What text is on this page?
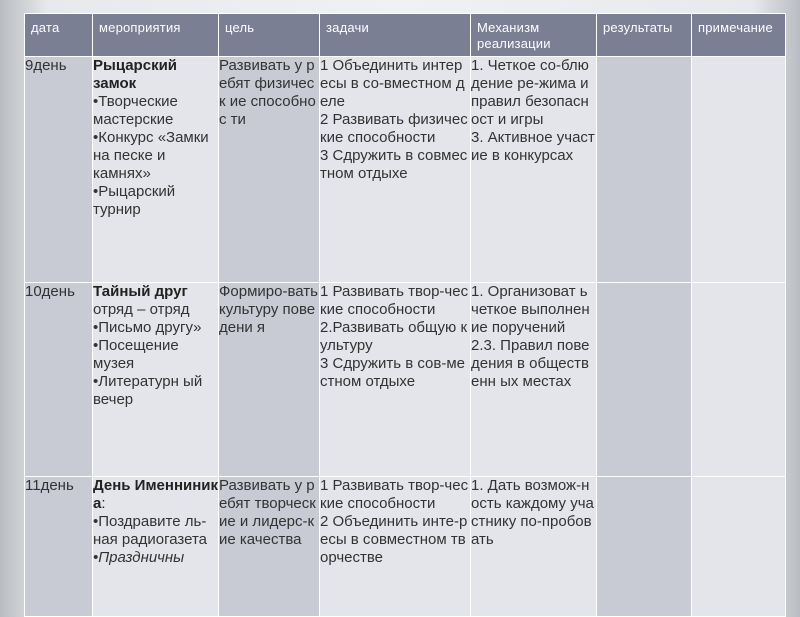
дата	мероприятия	цель	задачи	Механизм реализации	результаты	примечание

9день	Рыцарский замок
•Творческие мастерские
•Конкурс «Замки на песке и камнях»
•Рыцарский турнир	Развивать у ребят физическ ие способнос ти	1 Объединить интересы в со-вместном деле
2 Развивать физические способности
3 Сдружить в совместном отдыхе	1. Четкое со-блюдение ре-жима и правил безопасност и игры
3. Активное участие в конкурсах		

10день	Тайный друг
отряд – отряд
•Письмо другу»
•Посещение музея
•Литературн ый вечер	Формиро-вать культуру поведени я	1 Развивать твор-ческие способности
2.Развивать общую культуру
3 Сдружить в сов-местном отдыхе	1. Организоват ь четкое выполнение поручений
2.3. Правил поведения в общественн ых местах		

11день	День Именниник а:
•Поздравите ль-ная радиогазета
•Праздничны	Развивать у ребят творческие и лидерс-кие качества	1 Развивать твор-ческие способности
2 Объединить инте-ресы в совместном творчестве	1. Дать возмож-ность каждому участнику по-пробовать		
